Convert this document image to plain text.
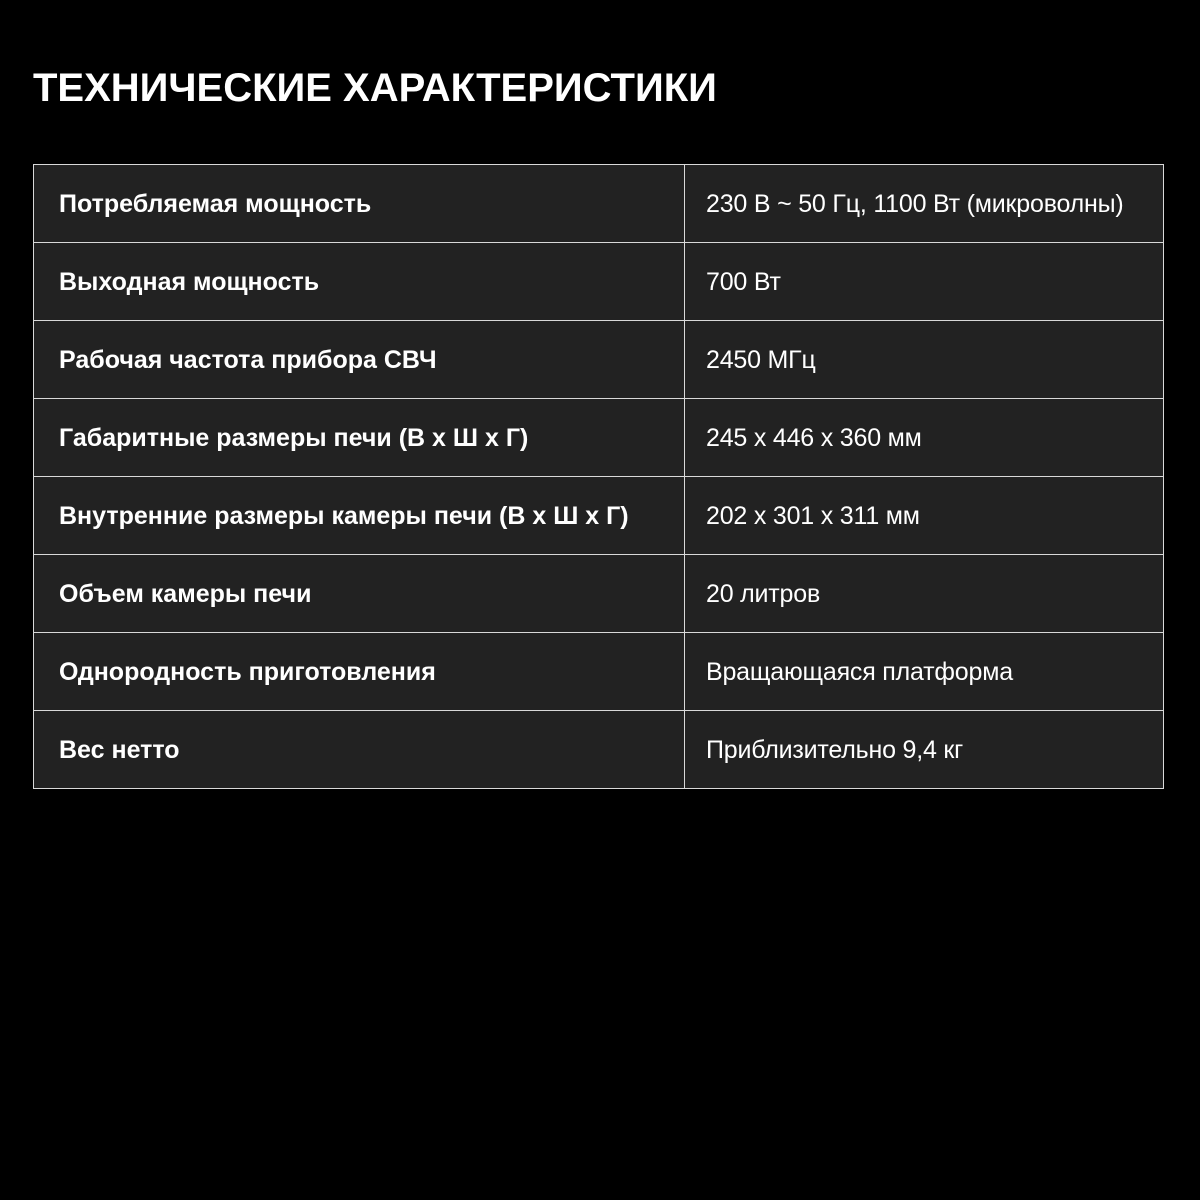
ТЕХНИЧЕСКИЕ ХАРАКТЕРИСТИКИ
Потребляемая мощность	230 В ~ 50 Гц, 1100 Вт (микроволны)
Выходная мощность	700 Вт
Рабочая частота прибора СВЧ	2450 МГц
Габаритные размеры печи (В х Ш х Г)	245 х 446 х 360 мм
Внутренние размеры камеры печи (В х Ш х Г)	202 х 301 х 311 мм
Объем камеры печи	20 литров
Однородность приготовления	Вращающаяся платформа
Вес нетто	Приблизительно 9,4 кг
